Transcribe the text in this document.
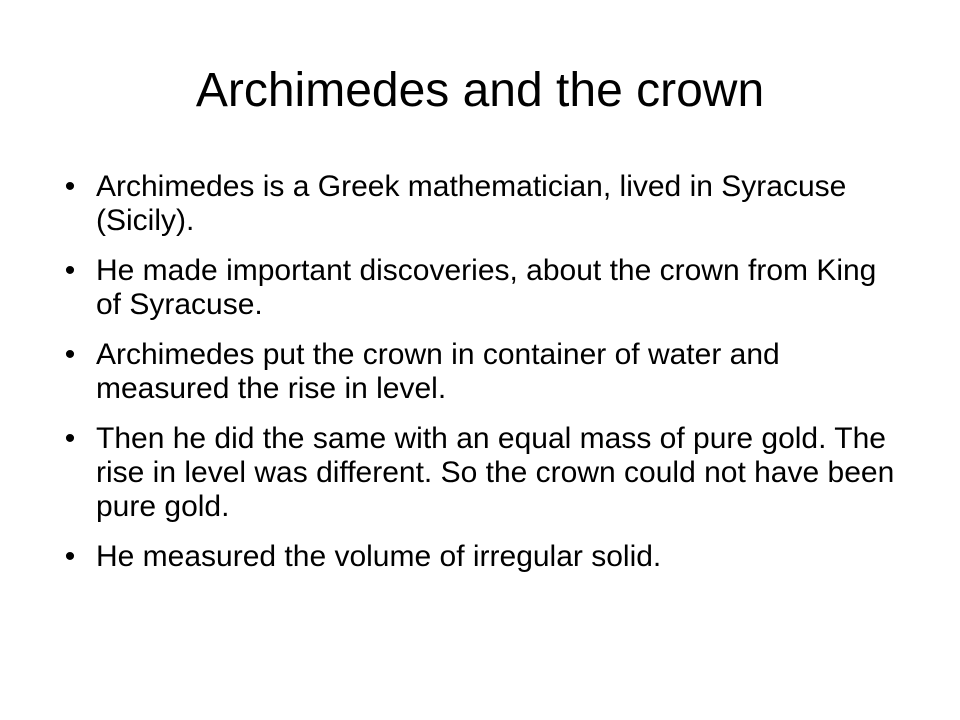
Archimedes and the crown
• Archimedes is a Greek mathematician, lived in Syracuse (Sicily).
• He made important discoveries, about the crown from King of Syracuse.
• Archimedes put the crown in container of water and measured the rise in level.
• Then he did the same with an equal mass of pure gold. The rise in level was different. So the crown could not have been pure gold.
• He measured the volume of irregular solid.
